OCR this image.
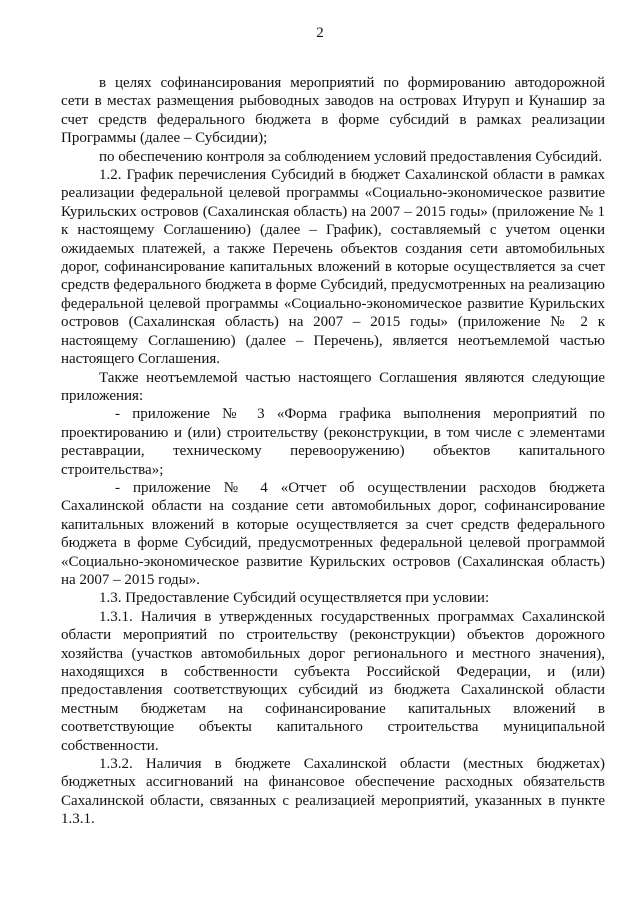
2

в целях софинансирования мероприятий по формированию автодорожной сети в местах размещения рыбоводных заводов на островах Итуруп и Кунашир за счет средств федерального бюджета в форме субсидий в рамках реализации Программы (далее – Субсидии);

по обеспечению контроля за соблюдением условий предоставления Субсидий.

1.2. График перечисления Субсидий в бюджет Сахалинской области в рамках реализации федеральной целевой программы «Социально-экономическое развитие Курильских островов (Сахалинская область) на 2007 – 2015 годы» (приложение № 1 к настоящему Соглашению) (далее – График), составляемый с учетом оценки ожидаемых платежей, а также Перечень объектов создания сети автомобильных дорог, софинансирование капитальных вложений в которые осуществляется за счет средств федерального бюджета в форме Субсидий, предусмотренных на реализацию федеральной целевой программы «Социально-экономическое развитие Курильских островов (Сахалинская область) на 2007 – 2015 годы» (приложение № 2 к настоящему Соглашению) (далее – Перечень), является неотъемлемой частью настоящего Соглашения.

Также неотъемлемой частью настоящего Соглашения являются следующие приложения:

- приложение № 3 «Форма графика выполнения мероприятий по проектированию и (или) строительству (реконструкции, в том числе с элементами реставрации, техническому перевооружению) объектов капитального строительства»;

- приложение № 4 «Отчет об осуществлении расходов бюджета Сахалинской области на создание сети автомобильных дорог, софинансирование капитальных вложений в которые осуществляется за счет средств федерального бюджета в форме Субсидий, предусмотренных федеральной целевой программой «Социально-экономическое развитие Курильских островов (Сахалинская область) на 2007 – 2015 годы».

1.3. Предоставление Субсидий осуществляется при условии:

1.3.1. Наличия в утвержденных государственных программах Сахалинской области мероприятий по строительству (реконструкции) объектов дорожного хозяйства (участков автомобильных дорог регионального и местного значения), находящихся в собственности субъекта Российской Федерации, и (или) предоставления соответствующих субсидий из бюджета Сахалинской области местным бюджетам на софинансирование капитальных вложений в соответствующие объекты капитального строительства муниципальной собственности.

1.3.2. Наличия в бюджете Сахалинской области (местных бюджетах) бюджетных ассигнований на финансовое обеспечение расходных обязательств Сахалинской области, связанных с реализацией мероприятий, указанных в пункте 1.3.1.
